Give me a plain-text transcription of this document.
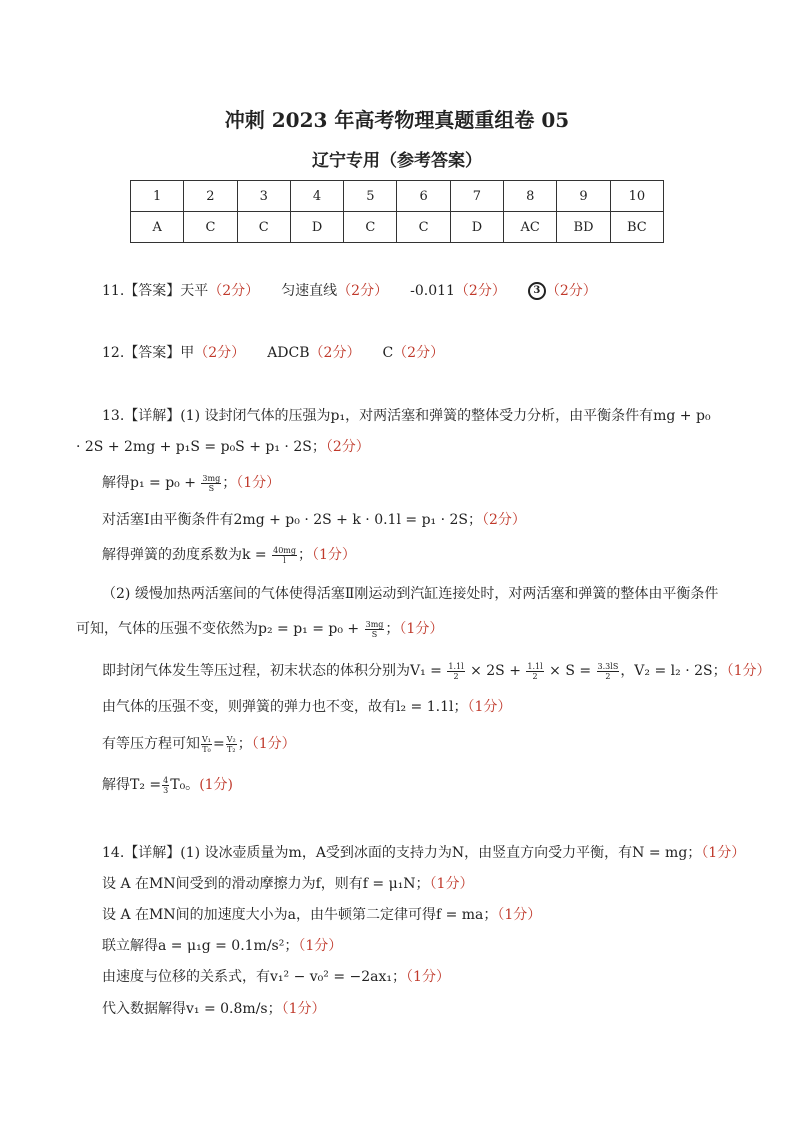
冲刺 2023 年高考物理真题重组卷 05
辽宁专用（参考答案）
1	2	3	4	5	6	7	8	9	10
A	C	C	D	C	C	D	AC	BD	BC
11.【答案】天平（2分） 匀速直线（2分） -0.011（2分）	3 （2分）
12.【答案】甲（2分） ADCB（2分） C（2分）
13.【详解】(1) 设封闭气体的压强为p₁，对两活塞和弹簧的整体受力分析，由平衡条件有mg + p₀
· 2S + 2mg + p₁S = p₀S + p₁ · 2S；（2分）
解得$p_1 = p_0 + \frac{3mg}{S}$ ；（1分）
对活塞Ⅰ由平衡条件有2mg + p₀ · 2S + k · 0.1l = p₁ · 2S；（2分）
解得弹簧的劲度系数为$k = \frac{40mg}{l}$ ；（1分）
（2) 缓慢加热两活塞间的气体使得活塞Ⅱ刚运动到汽缸连接处时，对两活塞和弹簧的整体由平衡条件
可知，气体的压强不变依然为$p_2 = p_1 = p_0 + \frac{3mg}{S}$ ；（1分）
即封闭气体发生等压过程，初末状态的体积分别为$V_1 = \frac{1.1l}{2} \times 2S + \frac{1.1l}{2} \times S = \frac{3.3lS}{2}$ ，V₂ = l₂ · 2S；（1分）
由气体的压强不变，则弹簧的弹力也不变，故有l₂ = 1.1l；（1分）
有等压方程可知 $\frac{\text{V₁}}{\text{T₀}} = \frac{\text{V₂}}{\text{T₂}}$ ；（1分）
解得$T_2 = \frac{4}{3} T_0$。(1分)
14.【详解】(1) 设冰壶质量为m，A受到冰面的支持力为N，由竖直方向受力平衡，有N = mg；（1分）
设 A 在MN间受到的滑动摩擦力为f，则有f = μ₁N；（1分）
设 A 在MN间的加速度大小为a，由牛顿第二定律可得f = ma；（1分）
联立解得a = μ₁g = 0.1m/s²；（1分）
由速度与位移的关系式，有v₁² − v₀² = −2ax₁；（1分）
代入数据解得v₁ = 0.8m/s；（1分）
